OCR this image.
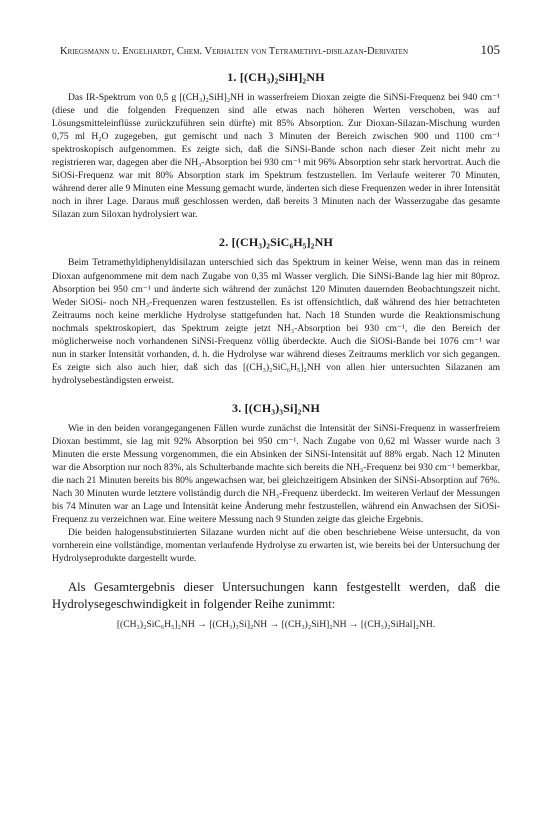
Kriegsmann u. Engelhardt, Chem. Verhalten von Tetramethyl-disilazan-Derivaten	105
1. [(CH₃)₂SiH]₂NH

Das IR-Spektrum von 0,5 g [(CH₃)₂SiH]₂NH in wasserfreiem Dioxan zeigte die SiNSi-Frequenz bei 940 cm⁻¹ (diese und die folgenden Frequenzen sind alle etwas nach höheren Werten verschoben, was auf Lösungsmitteleinflüsse zurückzuführen sein dürfte) mit 85% Absorption. Zur Dioxan-Silazan-Mischung wurden 0,75 ml H₂O zugegeben, gut gemischt und nach 3 Minuten der Bereich zwischen 900 und 1100 cm⁻¹ spektroskopisch aufgenommen. Es zeigte sich, daß die SiNSi-Bande schon nach dieser Zeit nicht mehr zu registrieren war, dagegen aber die NH₃-Absorption bei 930 cm⁻¹ mit 96% Absorption sehr stark hervortrat. Auch die SiOSi-Frequenz war mit 80% Absorption stark im Spektrum festzustellen. Im Verlaufe weiterer 70 Minuten, während derer alle 9 Minuten eine Messung gemacht wurde, änderten sich diese Frequenzen weder in ihrer Intensität noch in ihrer Lage. Daraus muß geschlossen werden, daß bereits 3 Minuten nach der Wasserzugabe das gesamte Silazan zum Siloxan hydrolysiert war.

2. [(CH₃)₂SiC₆H₅]₂NH

Beim Tetramethyldiphenyldisilazan unterschied sich das Spektrum in keiner Weise, wenn man das in reinem Dioxan aufgenommene mit dem nach Zugabe von 0,35 ml Wasser verglich. Die SiNSi-Bande lag hier mit 80proz. Absorption bei 950 cm⁻¹ und änderte sich während der zunächst 120 Minuten dauernden Beobachtungszeit nicht. Weder SiOSi- noch NH₃-Frequenzen waren festzustellen. Es ist offensichtlich, daß während des hier betrachteten Zeitraums noch keine merkliche Hydrolyse stattgefunden hat. Nach 18 Stunden wurde die Reaktionsmischung nochmals spektroskopiert, das Spektrum zeigte jetzt NH₃-Absorption bei 930 cm⁻¹, die den Bereich der möglicherweise noch vorhandenen SiNSi-Frequenz völlig überdeckte. Auch die SiOSi-Bande bei 1076 cm⁻¹ war nun in starker Intensität vorhanden, d. h. die Hydrolyse war während dieses Zeitraums merklich vor sich gegangen. Es zeigte sich also auch hier, daß sich das [(CH₃)₂SiC₆H₅]₂NH von allen hier untersuchten Silazanen am hydrolysebeständigsten erweist.

3. [(CH₃)₃Si]₂NH

Wie in den beiden vorangegangenen Fällen wurde zunächst die Intensität der SiNSi-Frequenz in wasserfreiem Dioxan bestimmt, sie lag mit 92% Absorption bei 950 cm⁻¹. Nach Zugabe von 0,62 ml Wasser wurde nach 3 Minuten die erste Messung vorgenommen, die ein Absinken der SiNSi-Intensität auf 88% ergab. Nach 12 Minuten war die Absorption nur noch 83%, als Schulterbande machte sich bereits die NH₃-Frequenz bei 930 cm⁻¹ bemerkbar, die nach 21 Minuten bereits bis 80% angewachsen war, bei gleichzeitigem Absinken der SiNSi-Absorption auf 76%. Nach 30 Minuten wurde letztere vollständig durch die NH₃-Frequenz überdeckt. Im weiteren Verlauf der Messungen bis 74 Minuten war an Lage und Intensität keine Änderung mehr festzustellen, während ein Anwachsen der SiOSi-Frequenz zu verzeichnen war. Eine weitere Messung nach 9 Stunden zeigte das gleiche Ergebnis.

Die beiden halogensubstituierten Silazane wurden nicht auf die oben beschriebene Weise untersucht, da von vornherein eine vollständige, momentan verlaufende Hydrolyse zu erwarten ist, wie bereits bei der Untersuchung der Hydrolyseprodukte dargestellt wurde.

Als Gesamtergebnis dieser Untersuchungen kann festgestellt werden, daß die Hydrolysegeschwindigkeit in folgender Reihe zunimmt:

[(CH₃)₂SiC₆H₅]₂NH → [(CH₃)₃Si]₂NH → [(CH₃)₂SiH]₂NH → [(CH₃)₂SiHal]₂NH.
